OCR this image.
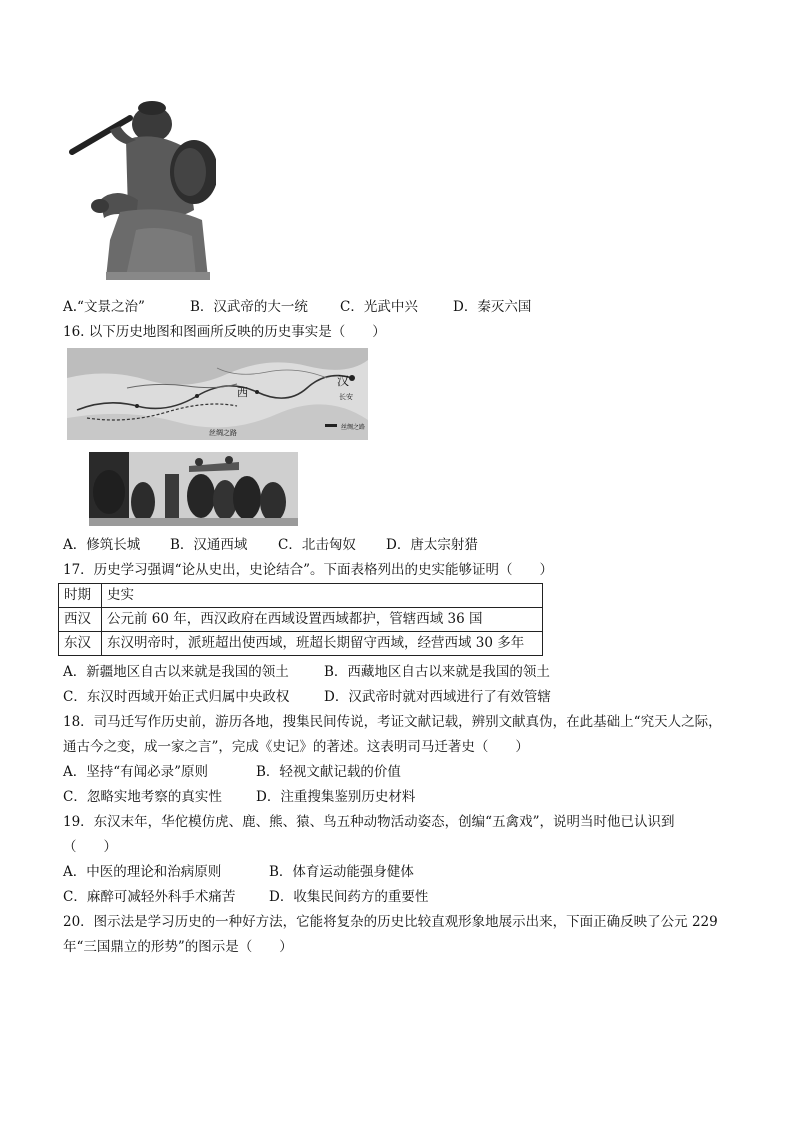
A.“文景之治”	B．汉武帝的大一统 C．光武中兴	D．秦灭六国
16. 以下历史地图和图画所反映的历史事实是（　　）
西
汉
长安
丝绸之路
丝绸之路
A．修筑长城 B．汉通西域 C．北击匈奴 D．唐太宗射猎
17．历史学习强调“论从史出，史论结合”。下面表格列出的史实能够证明（　　）
时期	史实
西汉	公元前 60 年，西汉政府在西域设置西域都护，管辖西域 36 国
东汉	东汉明帝时，派班超出使西域，班超长期留守西域，经营西域 30 多年
A．新疆地区自古以来就是我国的领土	B．西藏地区自古以来就是我国的领土
C．东汉时西域开始正式归属中央政权	D．汉武帝时就对西域进行了有效管辖
18．司马迁写作历史前，游历各地，搜集民间传说，考证文献记载，辨别文献真伪，在此基础上“究天人之际，
通古今之变，成一家之言”，完成《史记》的著述。这表明司马迁著史（　　）
A．坚持“有闻必录”原则	B．轻视文献记载的价值
C．忽略实地考察的真实性	D．注重搜集鉴别历史材料
19．东汉末年，华佗模仿虎、鹿、熊、猿、鸟五种动物活动姿态，创编“五禽戏”，说明当时他已认识到
（　　）
A．中医的理论和治病原则	B．体育运动能强身健体
C．麻醉可减轻外科手术痛苦 D．收集民间药方的重要性
20．图示法是学习历史的一种好方法，它能将复杂的历史比较直观形象地展示出来，下面正确反映了公元 229
年“三国鼎立的形势”的图示是（　　）
